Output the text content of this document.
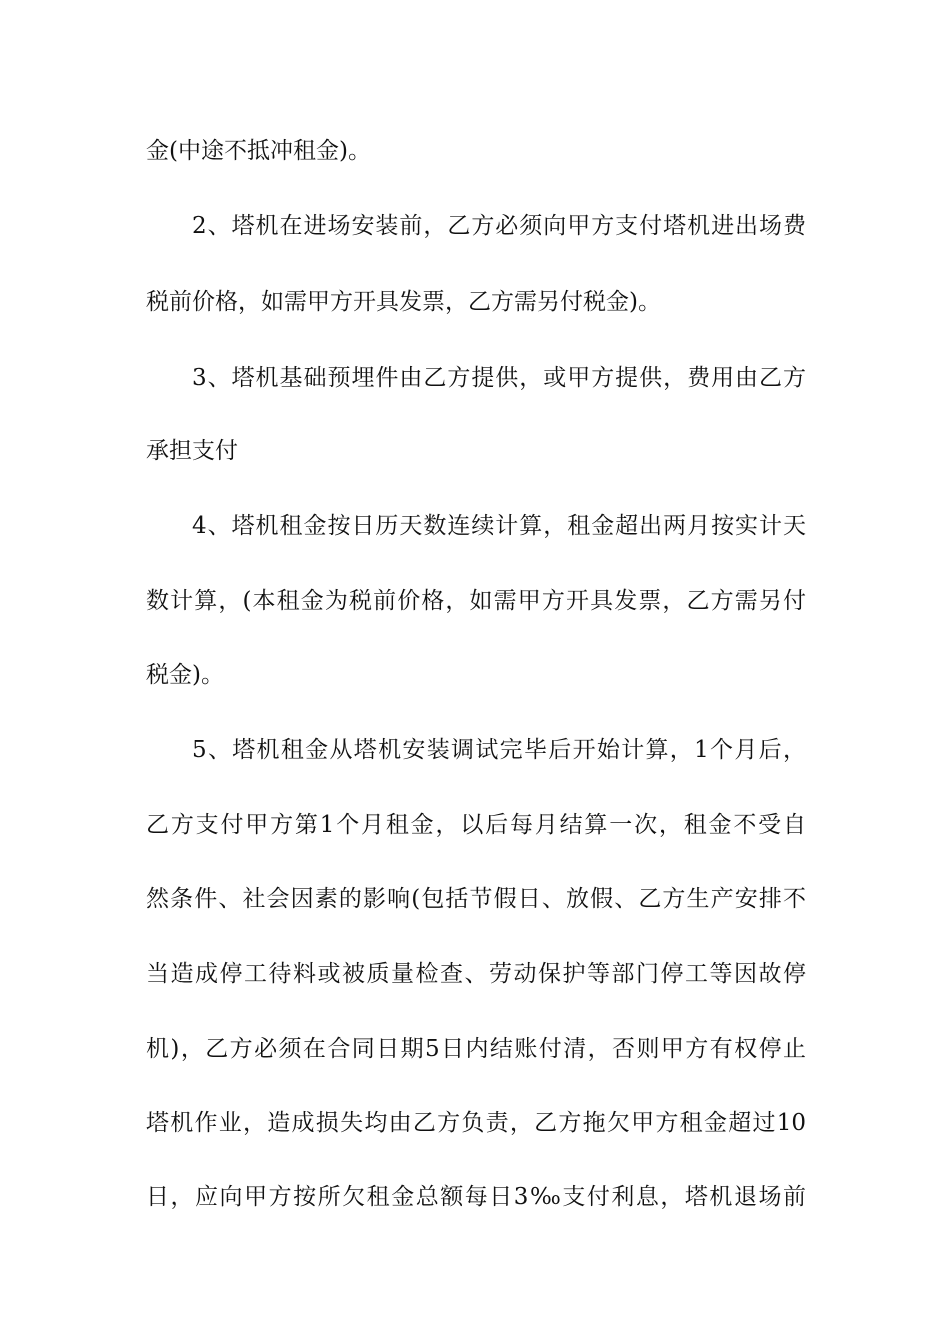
金(中途不抵冲租金)。
2、塔机在进场安装前，乙方必须向甲方支付塔机进出场费
税前价格，如需甲方开具发票，乙方需另付税金)。
3、塔机基础预埋件由乙方提供，或甲方提供，费用由乙方
承担支付
4、塔机租金按日历天数连续计算，租金超出两月按实计天
数计算，(本租金为税前价格，如需甲方开具发票，乙方需另付
税金)。
5、塔机租金从塔机安装调试完毕后开始计算，1个月后，
乙方支付甲方第1个月租金，以后每月结算一次，租金不受自
然条件、社会因素的影响(包括节假日、放假、乙方生产安排不
当造成停工待料或被质量检查、劳动保护等部门停工等因故停
机)，乙方必须在合同日期5日内结账付清，否则甲方有权停止
塔机作业，造成损失均由乙方负责，乙方拖欠甲方租金超过10
日，应向甲方按所欠租金总额每日3‰支付利息，塔机退场前
